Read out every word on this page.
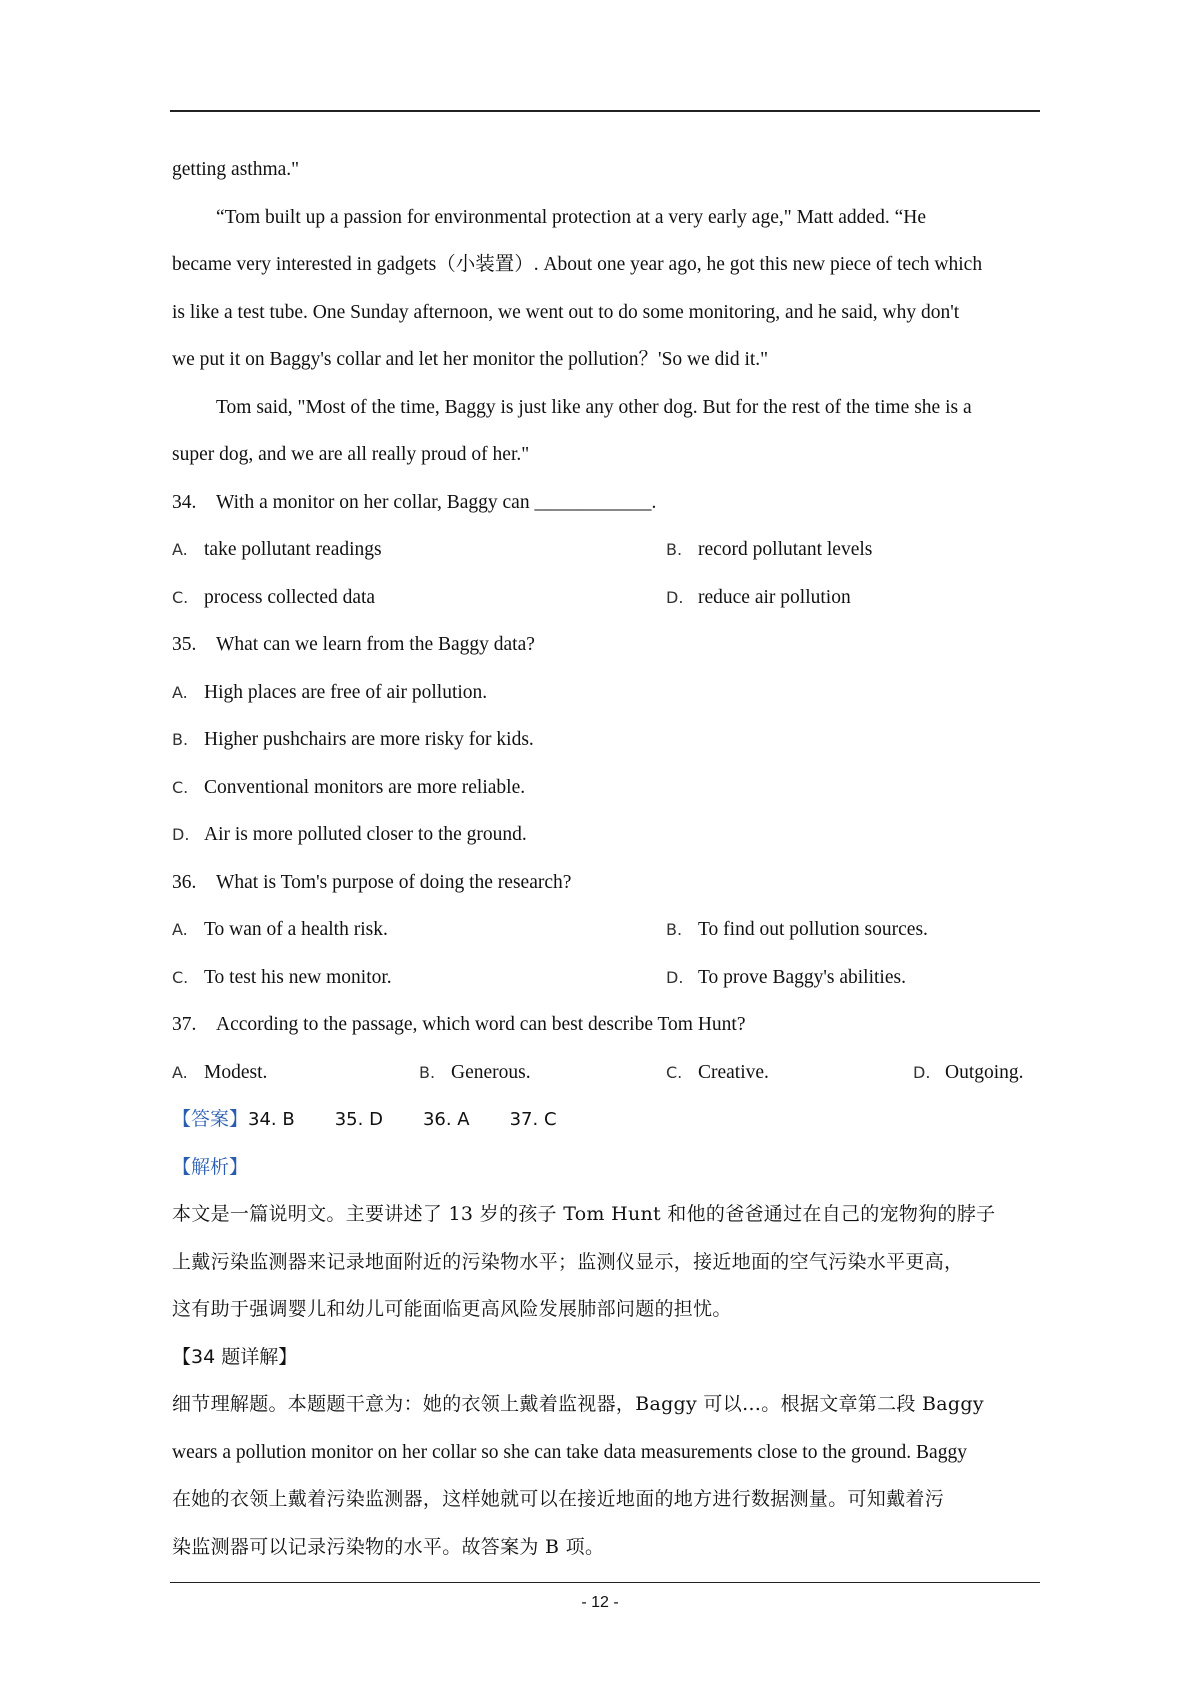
getting asthma."
“Tom built up a passion for environmental protection at a very early age," Matt added. “He
became very interested in gadgets（小装置）. About one year ago, he got this new piece of tech which
is like a test tube. One Sunday afternoon, we went out to do some monitoring, and he said, why don't
we put it on Baggy's collar and let her monitor the pollution？'So we did it."
Tom said, "Most of the time, Baggy is just like any other dog. But for the rest of the time she is a
super dog, and we are all really proud of her."
34. With a monitor on her collar, Baggy can ____________.
A. take pollutant readings	B. record pollutant levels
C. process collected data	D. reduce air pollution
35. What can we learn from the Baggy data?
A. High places are free of air pollution.
B. Higher pushchairs are more risky for kids.
C. Conventional monitors are more reliable.
D. Air is more polluted closer to the ground.
36. What is Tom's purpose of doing the research?
A. To wan of a health risk.	B. To find out pollution sources.
C. To test his new monitor.	D. To prove Baggy's abilities.
37. According to the passage, which word can best describe Tom Hunt?
A. Modest.	B. Generous.	C. Creative.	D. Outgoing.
【答案】34. B 35. D 36. A 37. C
【解析】
本文是一篇说明文。主要讲述了 13 岁的孩子 Tom Hunt 和他的爸爸通过在自己的宠物狗的脖子
上戴污染监测器来记录地面附近的污染物水平；监测仪显示，接近地面的空气污染水平更高，
这有助于强调婴儿和幼儿可能面临更高风险发展肺部问题的担忧。
【34 题详解】
细节理解题。本题题干意为：她的衣领上戴着监视器，Baggy 可以…。根据文章第二段 Baggy
wears a pollution monitor on her collar so she can take data measurements close to the ground. Baggy
在她的衣领上戴着污染监测器，这样她就可以在接近地面的地方进行数据测量。可知戴着污
染监测器可以记录污染物的水平。故答案为 B 项。
- 12 -
